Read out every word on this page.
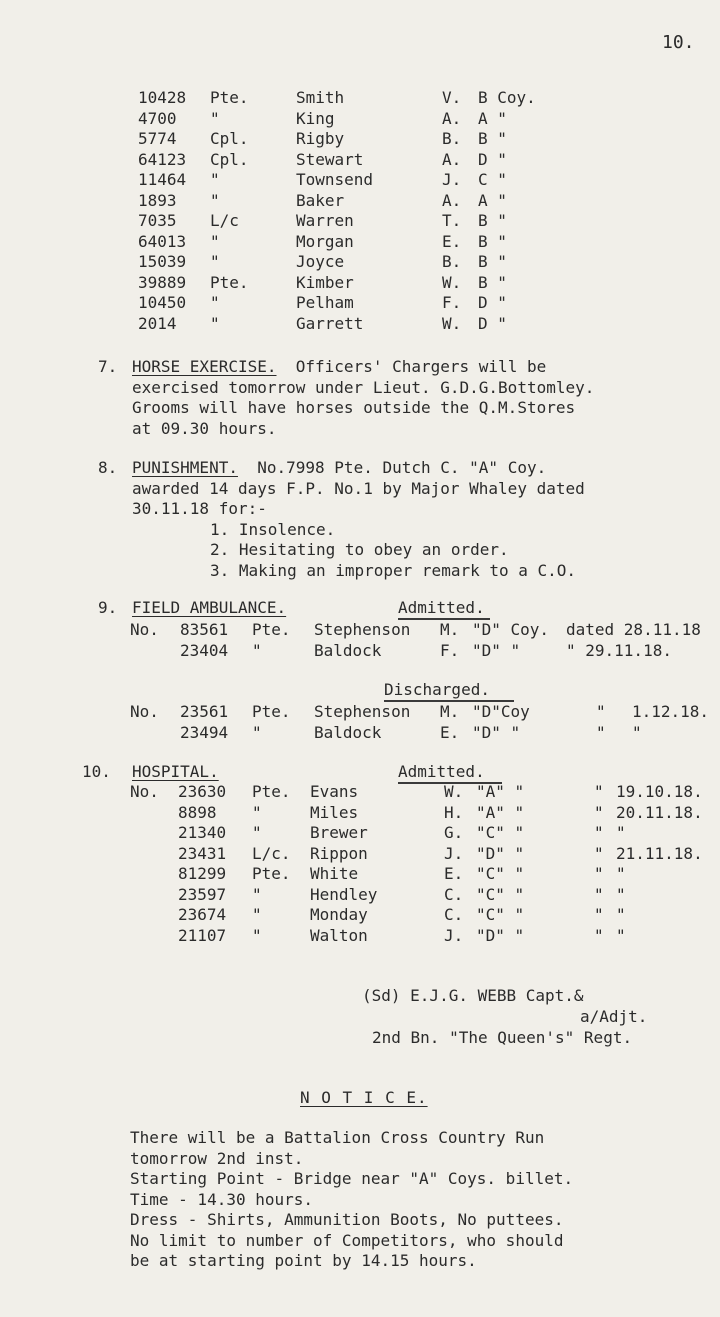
10.
10428 Pte.	Smith	V. B Coy.
4700 "	King	A. A "
5774 Cpl.	Rigby	B. B "
64123 Cpl.	Stewart	A. D "
11464 "	Townsend	J. C "
1893 "	Baker	A. A "
7035 L/c	Warren	T. B "
64013 "	Morgan	E. B "
15039 "	Joyce	B. B "
39889 Pte.	Kimber	W. B "
10450 "	Pelham	F. D "
2014 "	Garrett	W. D "
7. HORSE EXERCISE. Officers' Chargers will be
exercised tomorrow under Lieut. G.D.G.Bottomley.
Grooms will have horses outside the Q.M.Stores
at 09.30 hours.
8. PUNISHMENT. No.7998 Pte. Dutch C. "A" Coy.
awarded 14 days F.P. No.1 by Major Whaley dated
30.11.18 for:-
1. Insolence.
2. Hesitating to obey an order.
3. Making an improper remark to a C.O.
9. FIELD AMBULANCE.	Admitted.
No. 83561 Pte. Stephenson M. "D" Coy. dated 28.11.18
23404 "	Baldock	F. "D" "	" 29.11.18.
Discharged.
No. 23561 Pte. Stephenson M. "D"Coy	" 1.12.18.
23494 "	Baldock	E. "D" "	" "
10. HOSPITAL.	Admitted.
No. 23630 Pte. Evans	W. "A" "	" 19.10.18.
8898 "	Miles	H. "A" "	" 20.11.18.
21340 "	Brewer	G. "C" "	" "
23431 L/c. Rippon	J. "D" "	" 21.11.18.
81299 Pte. White	E. "C" "	" "
23597 "	Hendley	C. "C" "	" "
23674 "	Monday	C. "C" "	" "
21107 "	Walton	J. "D" "	" "
(Sd) E.J.G. WEBB Capt.&
a/Adjt.
2nd Bn. "The Queen's" Regt.
N O T I C E.
There will be a Battalion Cross Country Run
tomorrow 2nd inst.
Starting Point - Bridge near "A" Coys. billet.
Time - 14.30 hours.
Dress - Shirts, Ammunition Boots, No puttees.
No limit to number of Competitors, who should
be at starting point by 14.15 hours.
